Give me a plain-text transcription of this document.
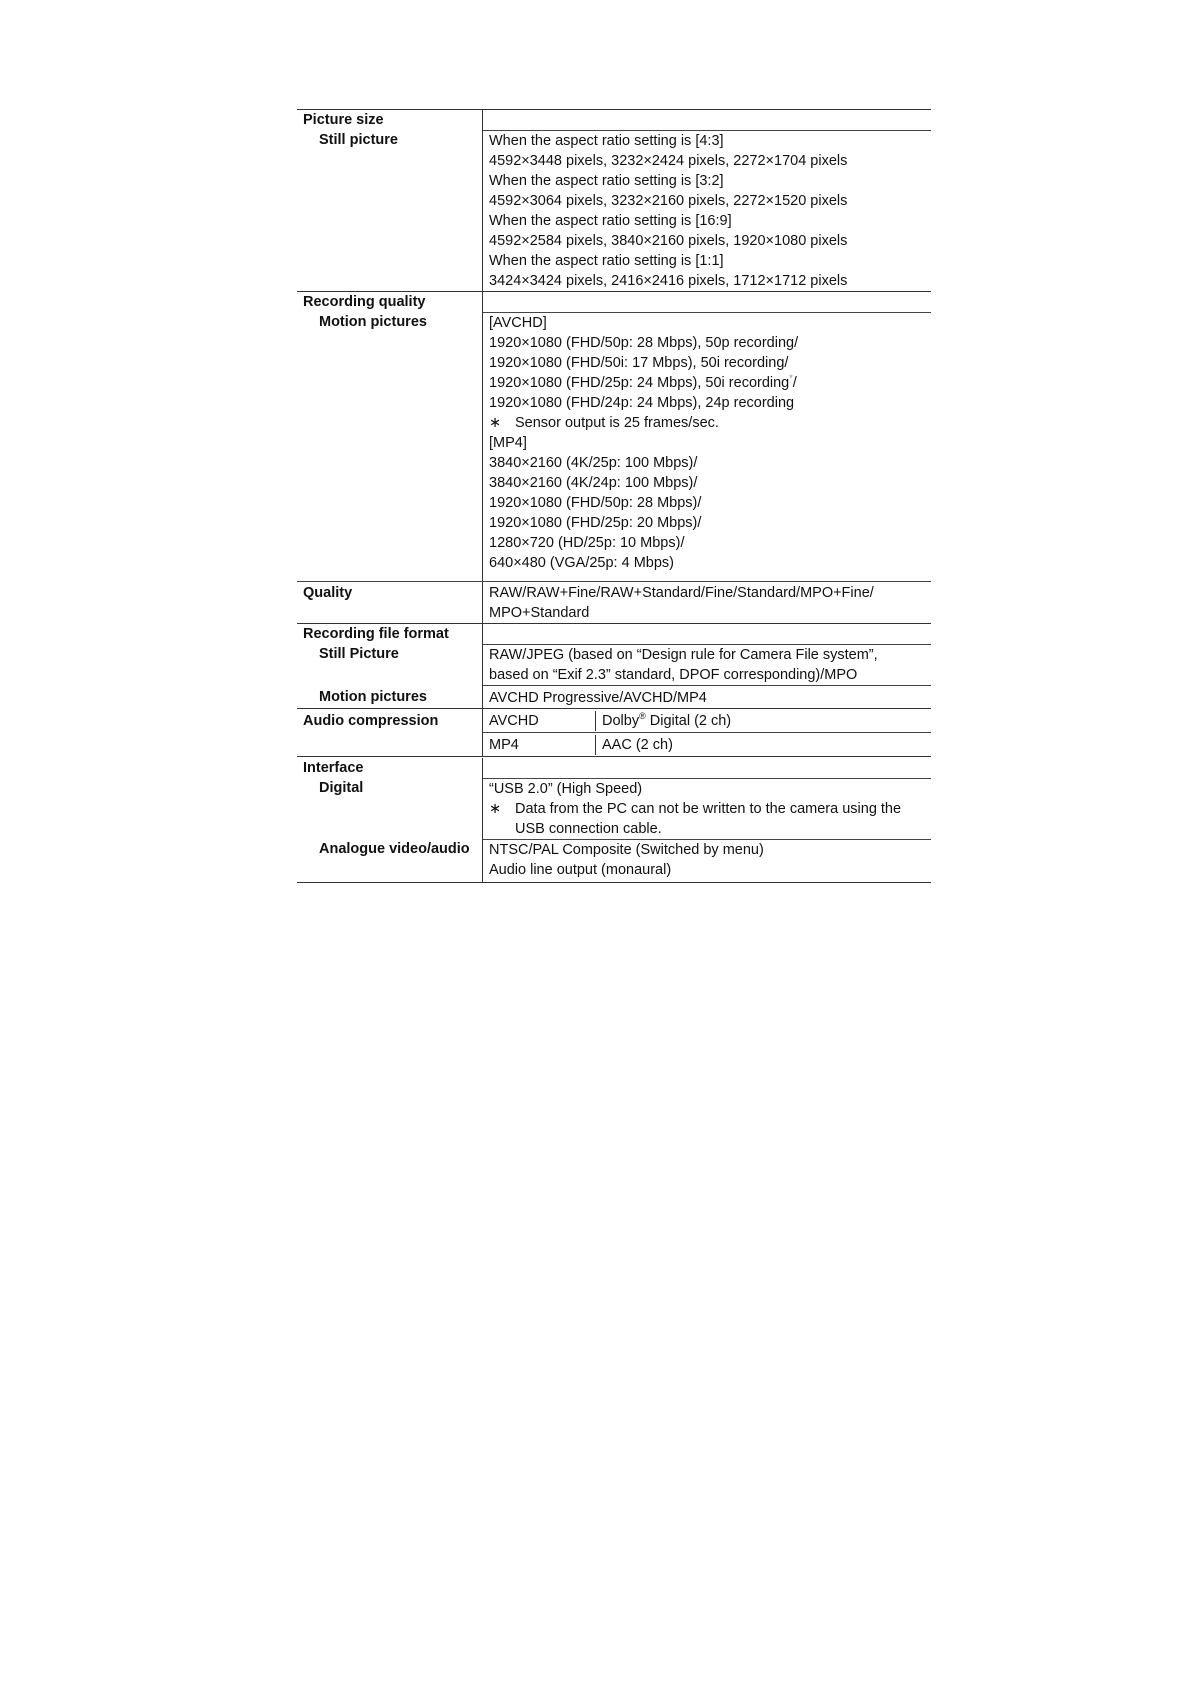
Picture size
Still picture	When the aspect ratio setting is [4:3]
4592×3448 pixels, 3232×2424 pixels, 2272×1704 pixels
When the aspect ratio setting is [3:2]
4592×3064 pixels, 3232×2160 pixels, 2272×1520 pixels
When the aspect ratio setting is [16:9]
4592×2584 pixels, 3840×2160 pixels, 1920×1080 pixels
When the aspect ratio setting is [1:1]
3424×3424 pixels, 2416×2416 pixels, 1712×1712 pixels
Recording quality
Motion pictures	[AVCHD]
1920×1080 (FHD/50p: 28 Mbps), 50p recording/
1920×1080 (FHD/50i: 17 Mbps), 50i recording/
1920×1080 (FHD/25p: 24 Mbps), 50i recording*/
1920×1080 (FHD/24p: 24 Mbps), 24p recording
∗ Sensor output is 25 frames/sec.
[MP4]
3840×2160 (4K/25p: 100 Mbps)/
3840×2160 (4K/24p: 100 Mbps)/
1920×1080 (FHD/50p: 28 Mbps)/
1920×1080 (FHD/25p: 20 Mbps)/
1280×720 (HD/25p: 10 Mbps)/
640×480 (VGA/25p: 4 Mbps)
Quality	RAW/RAW+Fine/RAW+Standard/Fine/Standard/MPO+Fine/
MPO+Standard
Recording file format
Still Picture	RAW/JPEG (based on “Design rule for Camera File system”,
based on “Exif 2.3” standard, DPOF corresponding)/MPO
Motion pictures	AVCHD Progressive/AVCHD/MP4
Audio compression	AVCHD	Dolby® Digital (2 ch)
MP4	AAC (2 ch)
Interface
Digital	“USB 2.0” (High Speed)
∗ Data from the PC can not be written to the camera using the
USB connection cable.
Analogue video/audio	NTSC/PAL Composite (Switched by menu)
Audio line output (monaural)
